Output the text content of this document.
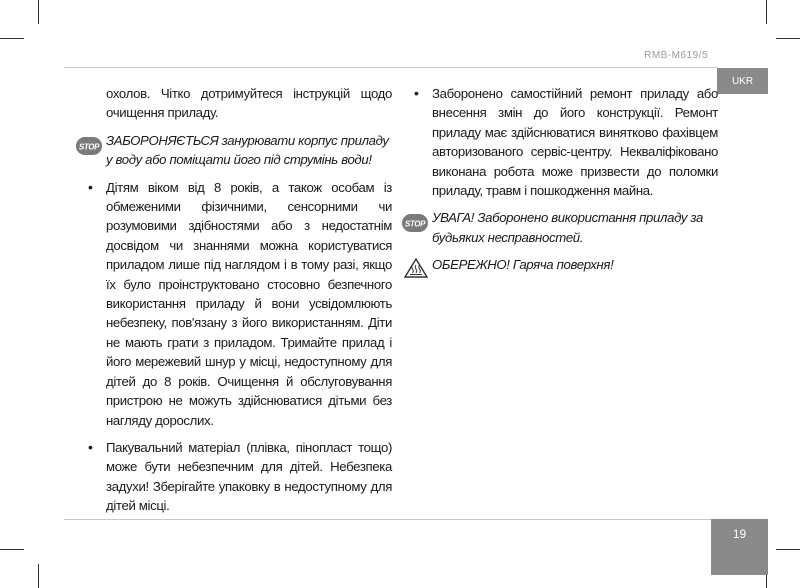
RMB-M619/5
UKR

охолов. Чітко дотримуйтеся інструкцій щодо очищення приладу.

STOP ЗАБОРОНЯЄТЬСЯ занурювати корпус приладу у воду або поміщати його під струмінь води!

• Дітям віком від 8 років, а також особам із обмеженими фізичними, сенсорними чи розумовими здібностями або з недостатнім досвідом чи знаннями можна користуватися приладом лише під наглядом і в тому разі, якщо їх було проінструктовано стосовно безпечного використання приладу й вони усвідомлюють небезпеку, пов'язану з його використанням. Діти не мають грати з приладом. Тримайте прилад і його мережевий шнур у місці, недоступному для дітей до 8 років. Очищення й обслуговування пристрою не можуть здійснюватися дітьми без нагляду дорослих.

• Пакувальний матеріал (плівка, пінопласт тощо) може бути небезпечним для дітей. Небезпека задухи! Зберігайте упаковку в недоступному для дітей місці.

• Заборонено самостійний ремонт приладу або внесення змін до його конструкції. Ремонт приладу має здійснюватися винятково фахівцем авторизованого сервіс-центру. Некваліфіковано виконана робота може призвести до поломки приладу, травм і пошкодження майна.

STOP УВАГА! Заборонено використання приладу за будьяких несправностей.

ОБЕРЕЖНО! Гаряча поверхня!

19
